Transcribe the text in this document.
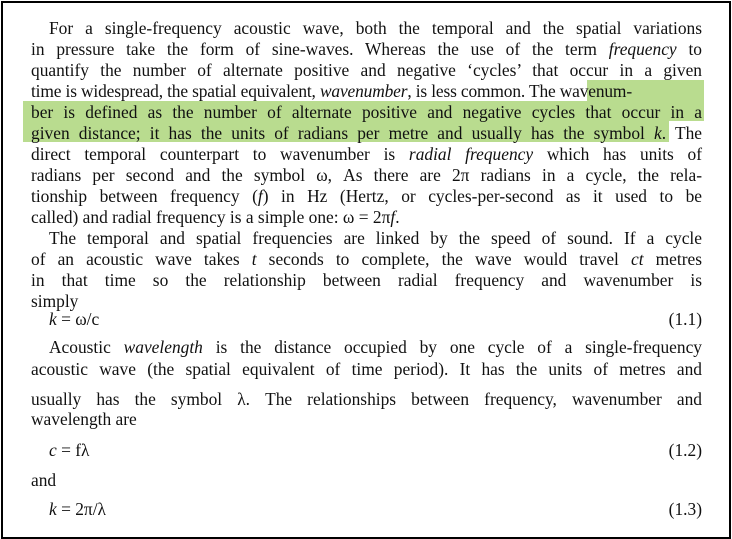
For a single-frequency acoustic wave, both the temporal and the spatial variations
in pressure take the form of sine-waves. Whereas the use of the term frequency to
quantify the number of alternate positive and negative ‘cycles’ that occur in a given
time is widespread, the spatial equivalent, wavenumber, is less common. The wavenum-
ber is defined as the number of alternate positive and negative cycles that occur in a
given distance; it has the units of radians per metre and usually has the symbol k. The
direct temporal counterpart to wavenumber is radial frequency which has units of
radians per second and the symbol ω, As there are 2π radians in a cycle, the rela-
tionship between frequency (f) in Hz (Hertz, or cycles-per-second as it used to be
called) and radial frequency is a simple one: ω = 2πf.
The temporal and spatial frequencies are linked by the speed of sound. If a cycle
of an acoustic wave takes t seconds to complete, the wave would travel ct metres
in that time so the relationship between radial frequency and wavenumber is
simply
k = ω/c	(1.1)
Acoustic wavelength is the distance occupied by one cycle of a single-frequency
acoustic wave (the spatial equivalent of time period). It has the units of metres and
usually has the symbol λ. The relationships between frequency, wavenumber and
wavelength are
c = fλ	(1.2)
and
k = 2π/λ	(1.3)
